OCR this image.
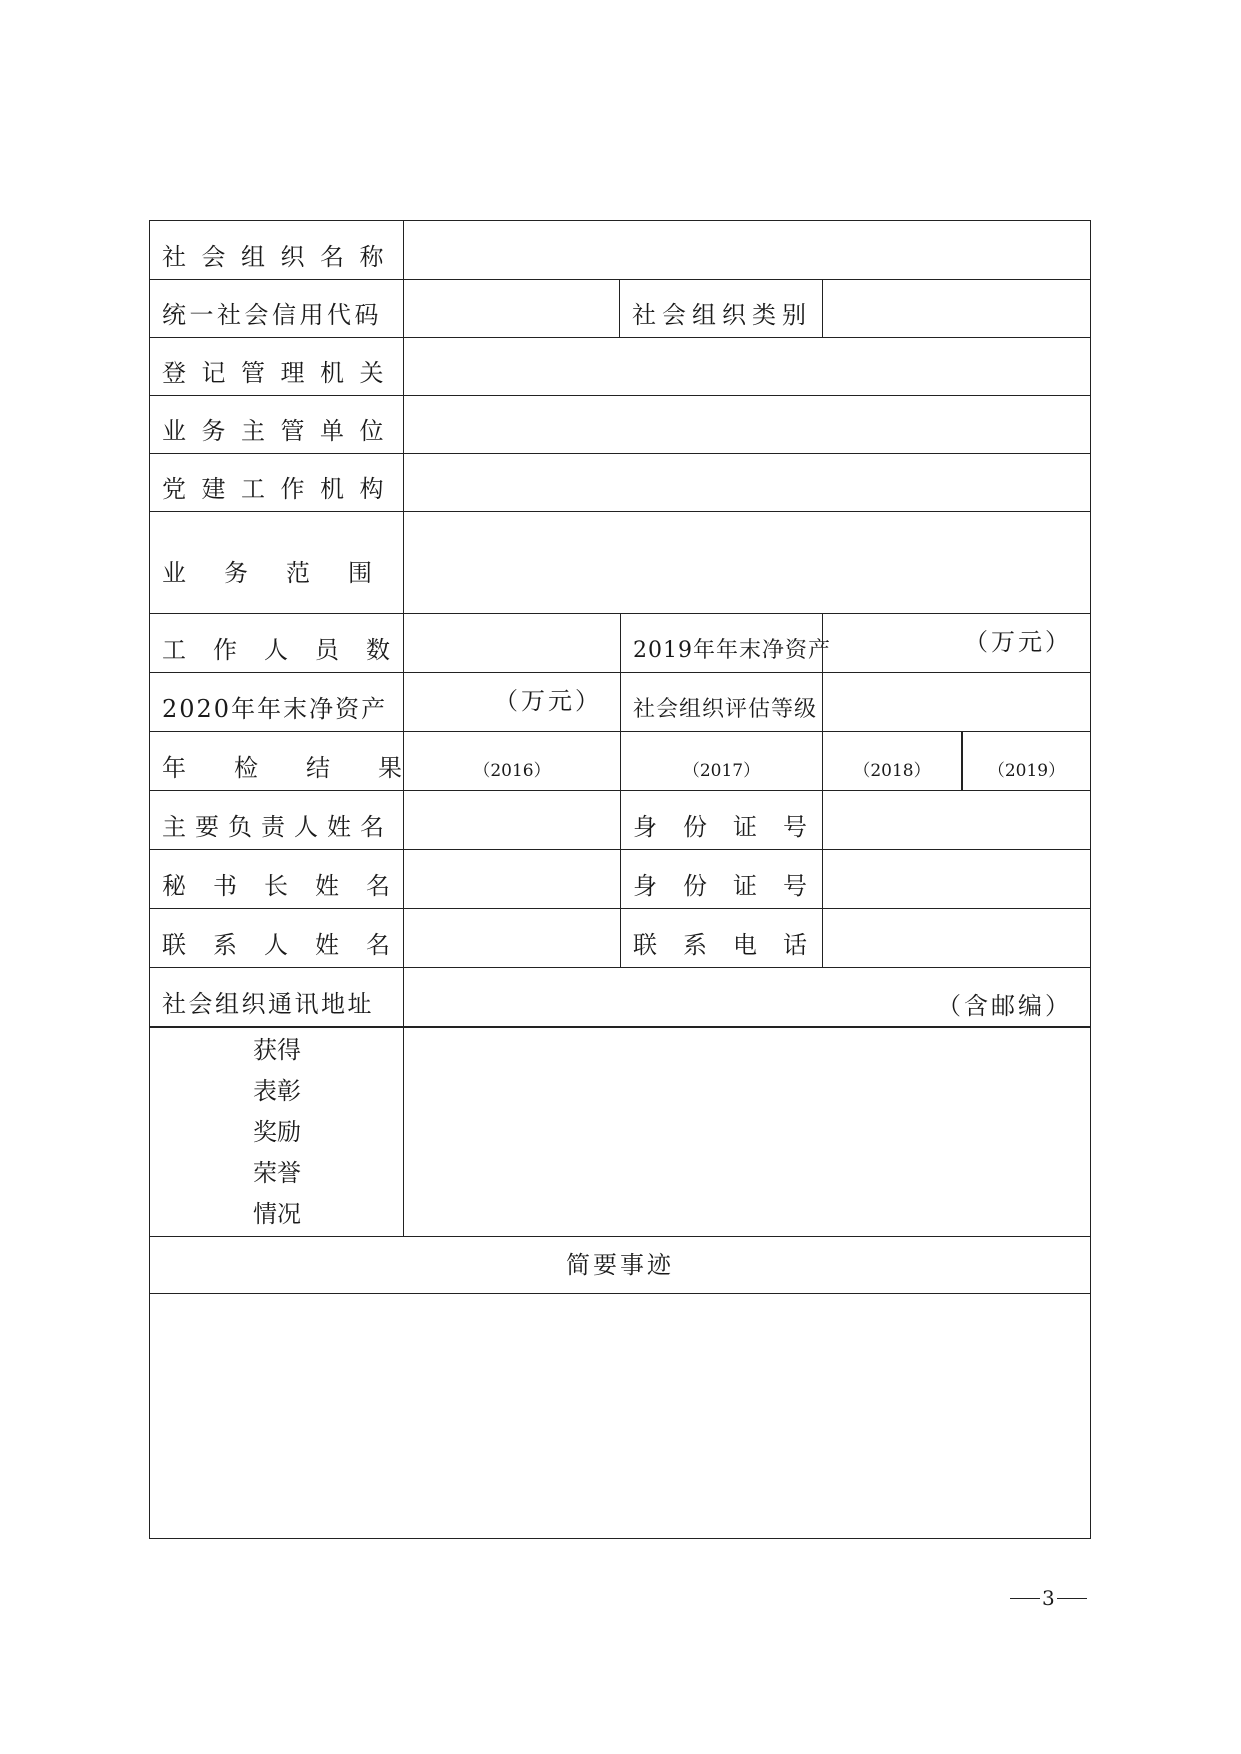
社会组织名称
统一社会信用代码	社会组织类别
登记管理机关
业务主管单位
党建工作机构
业务范围
工作人员数	2019年年末净资产	（万元）
2020年年末净资产	（万元） 社会组织评估等级
年检结果 （2016）	（2017）	（2018）	（2019）
主要负责人姓名	身份证号
秘书长姓名	身份证号
联系人姓名	联系电话
社会组织通讯地址	（含邮编）
获得
表彰
奖励
荣誉
情况
简要事迹
3
